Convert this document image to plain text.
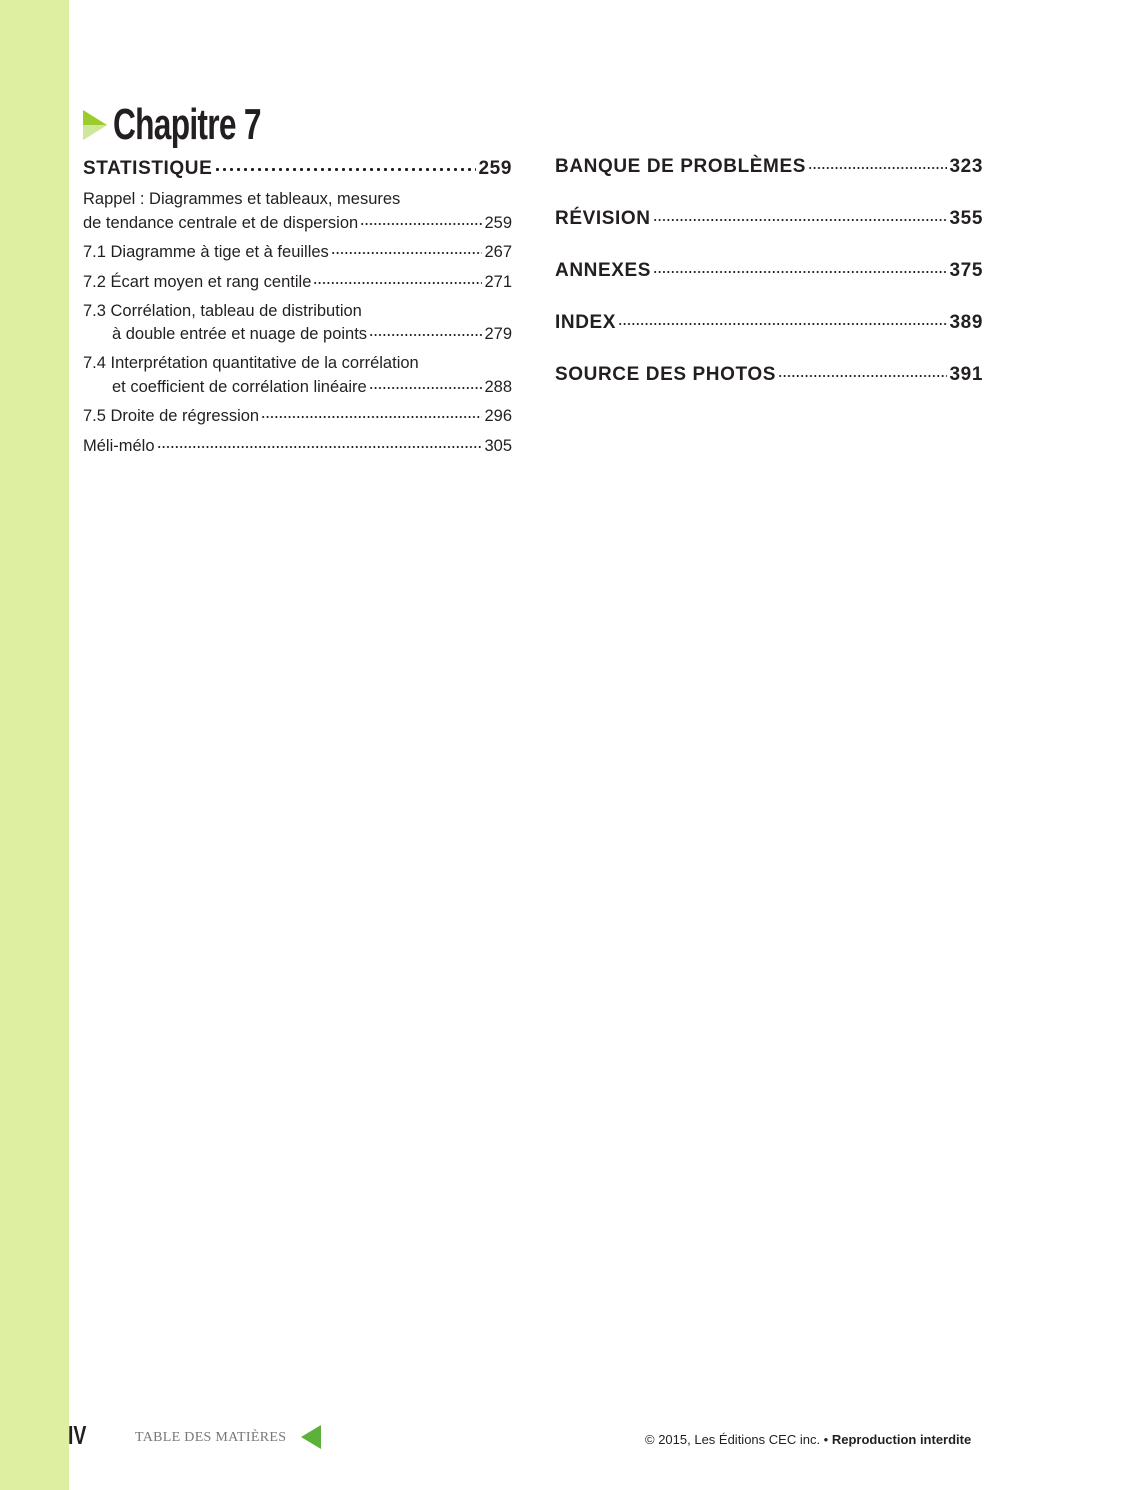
Chapitre 7
STATISTIQUE	259
Rappel : Diagrammes et tableaux, mesures
de tendance centrale et de dispersion	259
7.1 Diagramme à tige et à feuilles	267
7.2 Écart moyen et rang centile	271
7.3 Corrélation, tableau de distribution
à double entrée et nuage de points	279
7.4 Interprétation quantitative de la corrélation
et coefficient de corrélation linéaire	288
7.5 Droite de régression	296
Méli-mélo	305
BANQUE DE PROBLÈMES	323
RÉVISION	355
ANNEXES	375
INDEX	389
SOURCE DES PHOTOS	391
IV	TABLE DES MATIÈRES	© 2015, Les Éditions CEC inc. • Reproduction interdite
